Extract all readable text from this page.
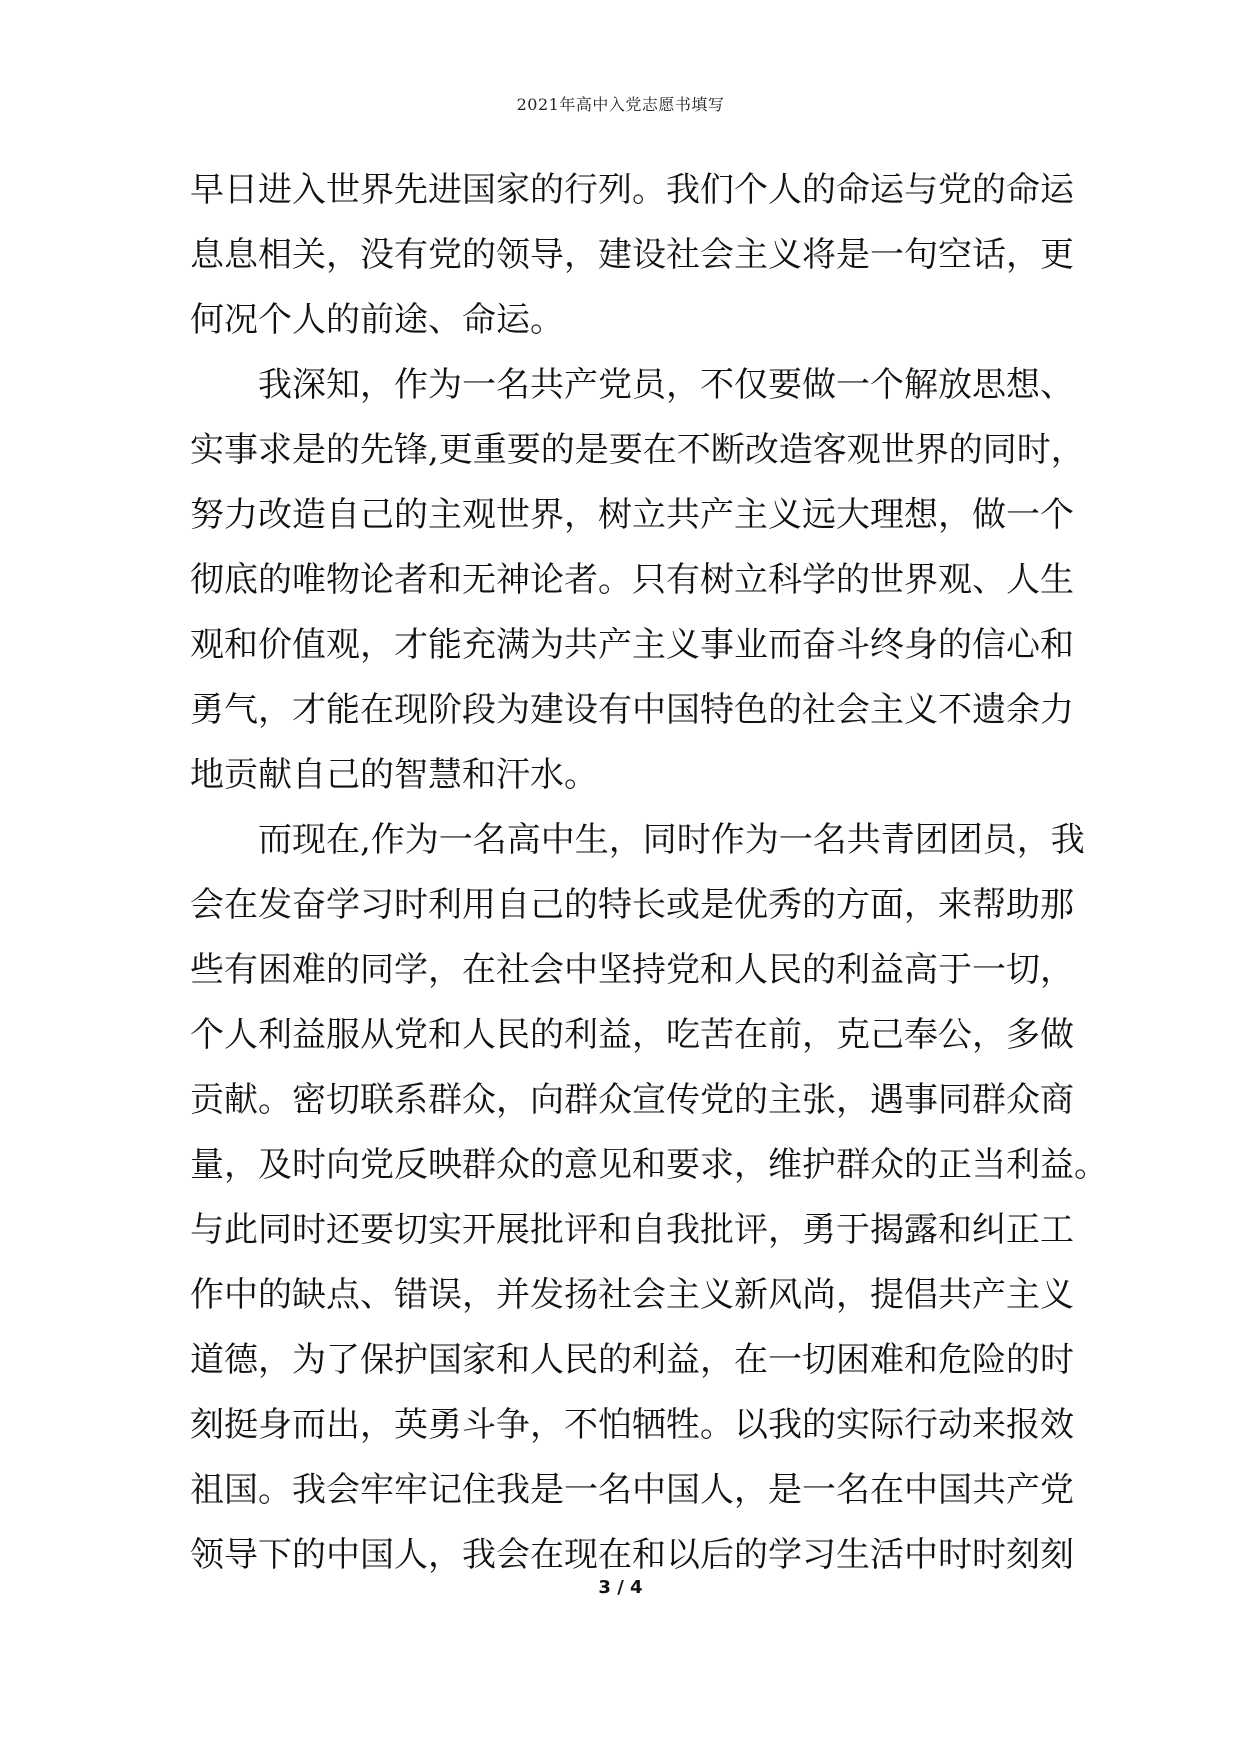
2021年高中入党志愿书填写
早日进入世界先进国家的行列。我们个人的命运与党的命运
息息相关，没有党的领导，建设社会主义将是一句空话，更
何况个人的前途、命运。
我深知，作为一名共产党员，不仅要做一个解放思想、
实事求是的先锋,更重要的是要在不断改造客观世界的同时，
努力改造自己的主观世界，树立共产主义远大理想，做一个
彻底的唯物论者和无神论者。只有树立科学的世界观、人生
观和价值观，才能充满为共产主义事业而奋斗终身的信心和
勇气，才能在现阶段为建设有中国特色的社会主义不遗余力
地贡献自己的智慧和汗水。
而现在,作为一名高中生，同时作为一名共青团团员，我
会在发奋学习时利用自己的特长或是优秀的方面，来帮助那
些有困难的同学，在社会中坚持党和人民的利益高于一切，
个人利益服从党和人民的利益，吃苦在前，克己奉公，多做
贡献。密切联系群众，向群众宣传党的主张，遇事同群众商
量，及时向党反映群众的意见和要求，维护群众的正当利益。
与此同时还要切实开展批评和自我批评，勇于揭露和纠正工
作中的缺点、错误，并发扬社会主义新风尚，提倡共产主义
道德，为了保护国家和人民的利益，在一切困难和危险的时
刻挺身而出，英勇斗争，不怕牺牲。以我的实际行动来报效
祖国。我会牢牢记住我是一名中国人，是一名在中国共产党
领导下的中国人，我会在现在和以后的学习生活中时时刻刻
3 / 4
